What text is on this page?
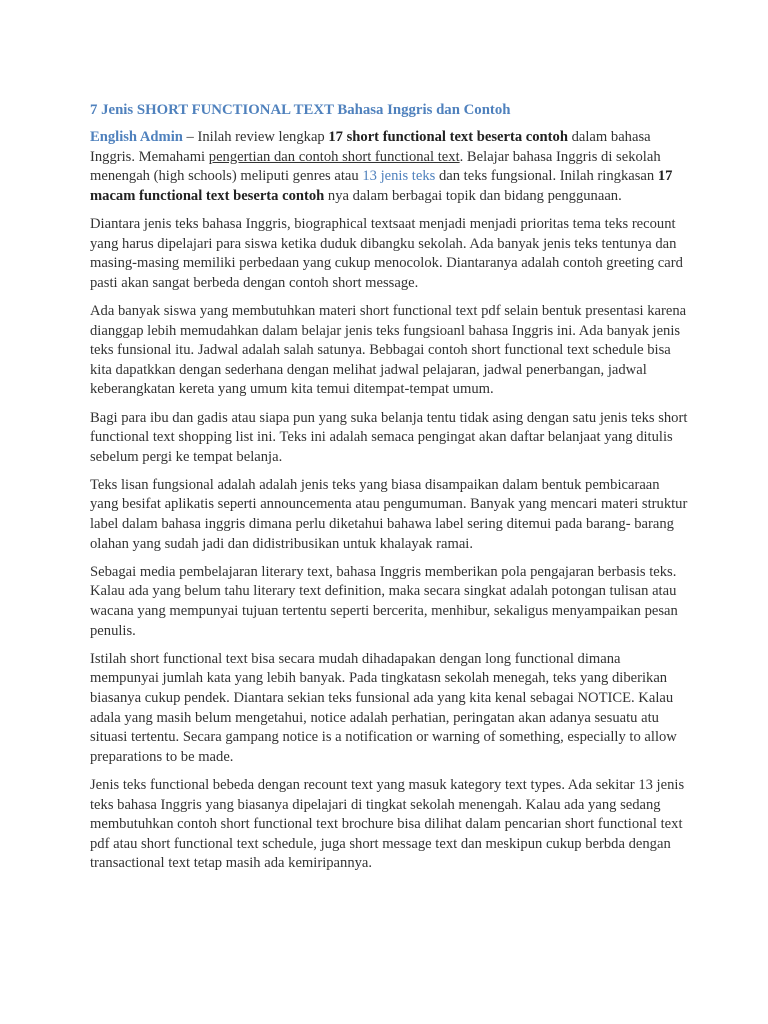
7 Jenis SHORT FUNCTIONAL TEXT Bahasa Inggris dan Contoh

English Admin – Inilah review lengkap 17 short functional text beserta contoh dalam bahasa Inggris. Memahami pengertian dan contoh short functional text. Belajar bahasa Inggris di sekolah menengah (high schools) meliputi genres atau 13 jenis teks dan teks fungsional. Inilah ringkasan 17 macam functional text beserta contoh nya dalam berbagai topik dan bidang penggunaan.

Diantara jenis teks bahasa Inggris, biographical textsaat menjadi menjadi prioritas tema teks recount yang harus dipelajari para siswa ketika duduk dibangku sekolah. Ada banyak jenis teks tentunya dan masing-masing memiliki perbedaan yang cukup menocolok. Diantaranya adalah contoh greeting card pasti akan sangat berbeda dengan contoh short message.

Ada banyak siswa yang membutuhkan materi short functional text pdf selain bentuk presentasi karena dianggap lebih memudahkan dalam belajar jenis teks fungsioanl bahasa Inggris ini. Ada banyak jenis teks funsional itu. Jadwal adalah salah satunya. Bebbagai contoh short functional text schedule bisa kita dapatkkan dengan sederhana dengan melihat jadwal pelajaran, jadwal penerbangan, jadwal keberangkatan kereta yang umum kita temui ditempat-tempat umum.

Bagi para ibu dan gadis atau siapa pun yang suka belanja tentu tidak asing dengan satu jenis teks short functional text shopping list ini. Teks ini adalah semaca pengingat akan daftar belanjaat yang ditulis sebelum pergi ke tempat belanja.

Teks lisan fungsional adalah adalah jenis teks yang biasa disampaikan dalam bentuk pembicaraan yang besifat aplikatis seperti announcementa atau pengumuman. Banyak yang mencari materi struktur label dalam bahasa inggris dimana perlu diketahui bahawa label sering ditemui pada barang- barang olahan yang sudah jadi dan didistribusikan untuk khalayak ramai.

Sebagai media pembelajaran literary text, bahasa Inggris memberikan pola pengajaran berbasis teks. Kalau ada yang belum tahu literary text definition, maka secara singkat adalah potongan tulisan atau wacana yang mempunyai tujuan tertentu seperti bercerita, menhibur, sekaligus menyampaikan pesan penulis.

Istilah short functional text bisa secara mudah dihadapakan dengan long functional dimana mempunyai jumlah kata yang lebih banyak. Pada tingkatasn sekolah menegah, teks yang diberikan biasanya cukup pendek. Diantara sekian teks funsional ada yang kita kenal sebagai NOTICE. Kalau adala yang masih belum mengetahui, notice adalah perhatian, peringatan akan adanya sesuatu atu situasi tertentu. Secara gampang notice is a notification or warning of something, especially to allow preparations to be made.

Jenis teks functional bebeda dengan recount text yang masuk kategory text types. Ada sekitar 13 jenis teks bahasa Inggris yang biasanya dipelajari di tingkat sekolah menengah. Kalau ada yang sedang membutuhkan contoh short functional text brochure bisa dilihat dalam pencarian short functional text pdf atau short functional text schedule, juga short message text dan meskipun cukup berbda dengan transactional text tetap masih ada kemiripannya.
